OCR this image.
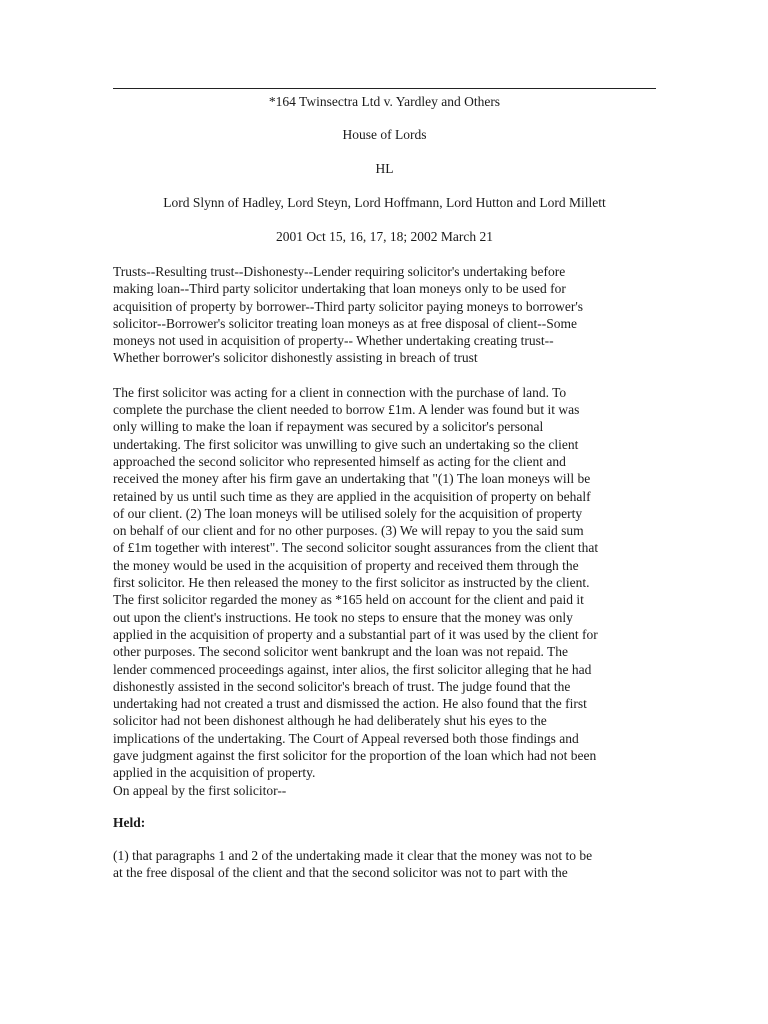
*164 Twinsectra Ltd v. Yardley and Others
House of Lords
HL
Lord Slynn of Hadley, Lord Steyn, Lord Hoffmann, Lord Hutton and Lord Millett
2001 Oct 15, 16, 17, 18; 2002 March 21
Trusts--Resulting trust--Dishonesty--Lender requiring solicitor's undertaking before
making loan--Third party solicitor undertaking that loan moneys only to be used for
acquisition of property by borrower--Third party solicitor paying moneys to borrower's
solicitor--Borrower's solicitor treating loan moneys as at free disposal of client--Some
moneys not used in acquisition of property-- Whether undertaking creating trust--
Whether borrower's solicitor dishonestly assisting in breach of trust
The first solicitor was acting for a client in connection with the purchase of land. To
complete the purchase the client needed to borrow £1m. A lender was found but it was
only willing to make the loan if repayment was secured by a solicitor's personal
undertaking. The first solicitor was unwilling to give such an undertaking so the client
approached the second solicitor who represented himself as acting for the client and
received the money after his firm gave an undertaking that "(1) The loan moneys will be
retained by us until such time as they are applied in the acquisition of property on behalf
of our client. (2) The loan moneys will be utilised solely for the acquisition of property
on behalf of our client and for no other purposes. (3) We will repay to you the said sum
of £1m together with interest". The second solicitor sought assurances from the client that
the money would be used in the acquisition of property and received them through the
first solicitor. He then released the money to the first solicitor as instructed by the client.
The first solicitor regarded the money as *165 held on account for the client and paid it
out upon the client's instructions. He took no steps to ensure that the money was only
applied in the acquisition of property and a substantial part of it was used by the client for
other purposes. The second solicitor went bankrupt and the loan was not repaid. The
lender commenced proceedings against, inter alios, the first solicitor alleging that he had
dishonestly assisted in the second solicitor's breach of trust. The judge found that the
undertaking had not created a trust and dismissed the action. He also found that the first
solicitor had not been dishonest although he had deliberately shut his eyes to the
implications of the undertaking. The Court of Appeal reversed both those findings and
gave judgment against the first solicitor for the proportion of the loan which had not been
applied in the acquisition of property.
On appeal by the first solicitor--
Held:
(1) that paragraphs 1 and 2 of the undertaking made it clear that the money was not to be
at the free disposal of the client and that the second solicitor was not to part with the
